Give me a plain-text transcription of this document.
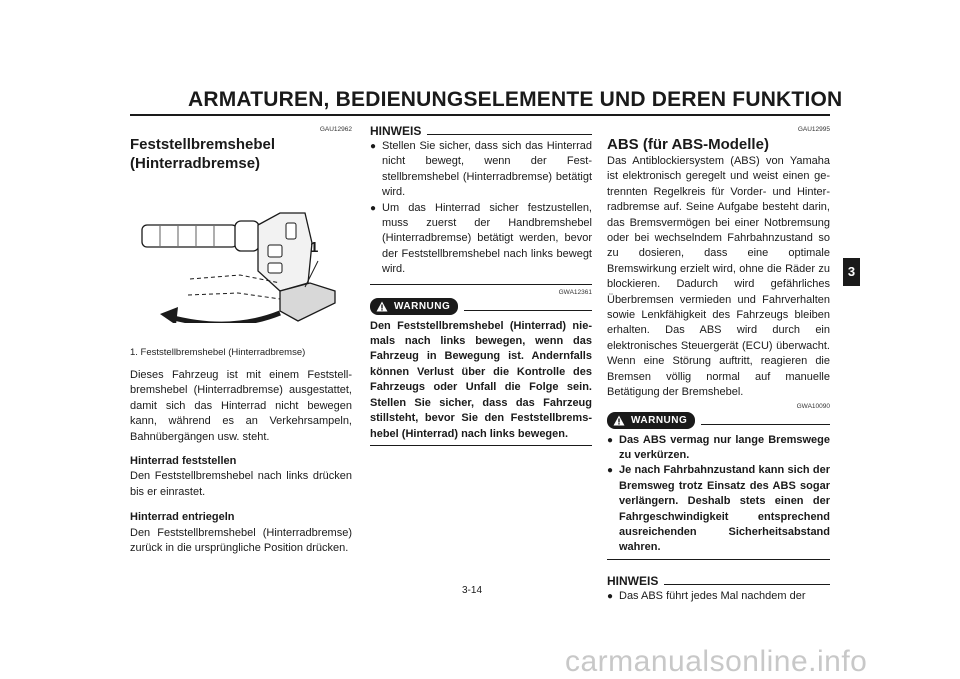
ARMATUREN, BEDIENUNGSELEMENTE UND DEREN FUNKTION
3
GAU12962
Feststellbremshebel (Hinterradbremse)
1
1. Feststellbremshebel (Hinterradbremse)
Dieses Fahrzeug ist mit einem Feststellbremshebel (Hinterradbremse) ausgestattet, damit sich das Hinterrad nicht bewegen kann, während es an Verkehrsampeln, Bahnübergängen usw. steht.
Hinterrad feststellen
Den Feststellbremshebel nach links drücken bis er einrastet.
Hinterrad entriegeln
Den Feststellbremshebel (Hinterradbremse) zurück in die ursprüngliche Position drücken.
HINWEIS
● Stellen Sie sicher, dass sich das Hinterrad nicht bewegt, wenn der Feststellbremshebel (Hinterradbremse) betätigt wird.
● Um das Hinterrad sicher festzustellen, muss zuerst der Handbremshebel (Hinterradbremse) betätigt werden, bevor der Feststellbremshebel nach links bewegt wird.
GWA12361
WARNUNG
Den Feststellbremshebel (Hinterrad) niemals nach links bewegen, wenn das Fahrzeug in Bewegung ist. Andernfalls können Verlust über die Kontrolle des Fahrzeugs oder Unfall die Folge sein. Stellen Sie sicher, dass das Fahrzeug stillsteht, bevor Sie den Feststellbremshebel (Hinterrad) nach links bewegen.
GAU12995
ABS (für ABS-Modelle)
Das Antiblockiersystem (ABS) von Yamaha ist elektronisch geregelt und weist einen getrennten Regelkreis für Vorder- und Hinterradbremse auf. Seine Aufgabe besteht darin, das Bremsvermögen bei einer Notbremsung oder bei wechselndem Fahrbahnzustand so zu dosieren, dass eine optimale Bremswirkung erzielt wird, ohne die Räder zu blockieren. Dadurch wird gefährliches Überbremsen vermieden und Fahrverhalten sowie Lenkfähigkeit des Fahrzeugs bleiben erhalten. Das ABS wird durch ein elektronisches Steuergerät (ECU) überwacht. Wenn eine Störung auftritt, reagieren die Bremsen völlig normal auf manuelle Betätigung der Bremshebel.
GWA10090
WARNUNG
● Das ABS vermag nur lange Bremswege zu verkürzen.
● Je nach Fahrbahnzustand kann sich der Bremsweg trotz Einsatz des ABS sogar verlängern. Deshalb stets einen der Fahrgeschwindigkeit entsprechend ausreichenden Sicherheitsabstand wahren.
HINWEIS
● Das ABS führt jedes Mal nachdem der
3-14
carmanualsonline.info
